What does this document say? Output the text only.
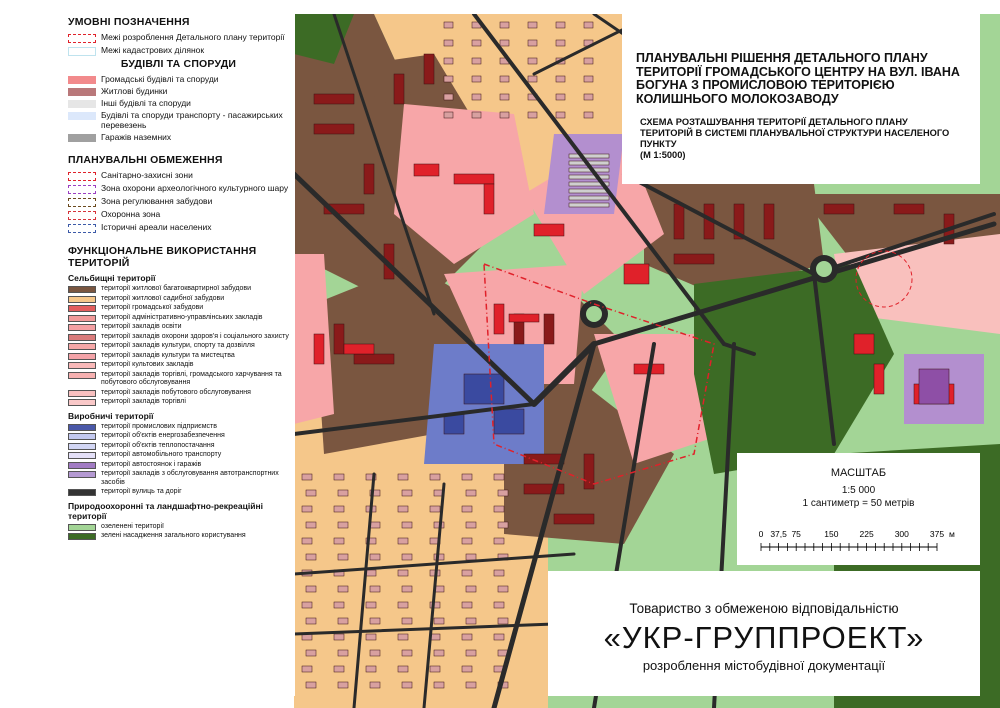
УМОВНІ ПОЗНАЧЕННЯ
Межі розроблення Детального плану території
Межі кадастрових ділянок
БУДІВЛІ ТА СПОРУДИ
Громадські будівлі та споруди
Житлові будинки
Інші будівлі та споруди
Будівлі та споруди транспорту - пасажирських перевезень
Гаражів наземних
ПЛАНУВАЛЬНІ ОБМЕЖЕННЯ
Санітарно-захисні зони
Зона охорони археологічного культурного шару
Зона регулювання забудови
Охоронна зона
Історичні ареали населених
ФУНКЦІОНАЛЬНЕ ВИКОРИСТАННЯ ТЕРИТОРІЙ
Сельбищні території
території житлової багатоквартирної забудови
території житлової садибної забудови
території громадської забудови
території адміністративно-управлінських закладів
території закладів освіти
території закладів охорони здоров'я і соціального захисту
території закладів культури, спорту та дозвілля
території закладів культури та мистецтва
території культових закладів
території закладів торгівлі, громадського харчування та побутового обслуговування
території закладів побутового обслуговування
території закладів торгівлі
Виробничі території
території промислових підприємств
території об'єктів енергозабезпечення
території об'єктів теплопостачання
території автомобільного транспорту
території автостоянок і гаражів
території закладів з обслуговування автотранспортних засобів
території вулиць та доріг
Природоохоронні та ландшафтно-рекреаційні території
озеленені території
зелені насадження загального користування
ПЛАНУВАЛЬНІ РІШЕННЯ ДЕТАЛЬНОГО ПЛАНУ ТЕРИТОРІЇ ГРОМАДСЬКОГО ЦЕНТРУ НА ВУЛ. ІВАНА БОГУНА З ПРОМИСЛОВОЮ ТЕРИТОРІЄЮ КОЛИШНЬОГО МОЛОКОЗАВОДУ
СХЕМА РОЗТАШУВАННЯ ТЕРИТОРІЇ ДЕТАЛЬНОГО ПЛАНУ ТЕРИТОРІЙ В СИСТЕМІ ПЛАНУВАЛЬНОЇ СТРУКТУРИ НАСЕЛЕНОГО ПУНКТУ
(М 1:5000)
МАСШТАБ
1:5 000
1 сантиметр = 50 метрів
0 37,5 75	150 225 300 375 м
Товариство з обмеженою відповідальністю
«УКР-ГРУППРОЕКТ»
розроблення містобудівної документації
